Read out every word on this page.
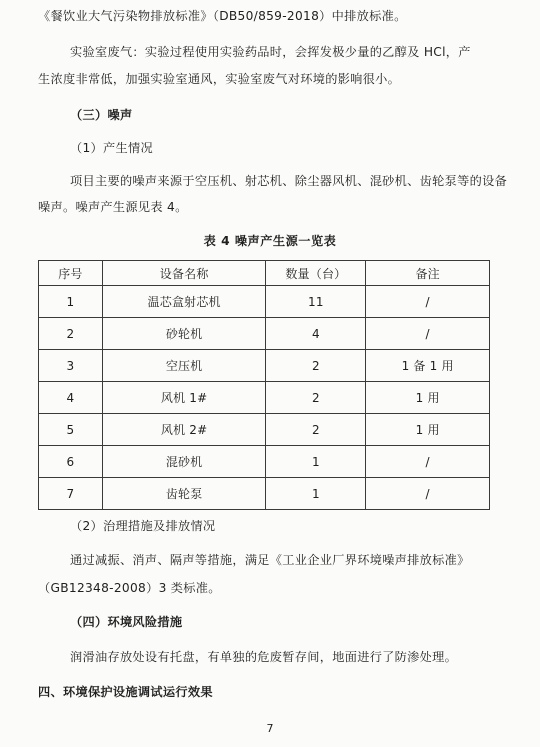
《餐饮业大气污染物排放标准》（DB50/859-2018）中排放标准。
实验室废气：实验过程使用实验药品时，会挥发极少量的乙醇及 HCl，产
生浓度非常低，加强实验室通风，实验室废气对环境的影响很小。
（三）噪声
（1）产生情况
项目主要的噪声来源于空压机、射芯机、除尘器风机、混砂机、齿轮泵等的设备
噪声。噪声产生源见表 4。
表 4 噪声产生源一览表
序号	设备名称	数量（台）	备注
1	温芯盒射芯机	11	/
2	砂轮机	4	/
3	空压机	2	1 备 1 用
4	风机 1#	2	1 用
5	风机 2#	2	1 用
6	混砂机	1	/
7	齿轮泵	1	/
（2）治理措施及排放情况
通过减振、消声、隔声等措施，满足《工业企业厂界环境噪声排放标准》
（GB12348-2008）3 类标准。
（四）环境风险措施
润滑油存放处设有托盘，有单独的危废暂存间，地面进行了防渗处理。
四、环境保护设施调试运行效果
7
